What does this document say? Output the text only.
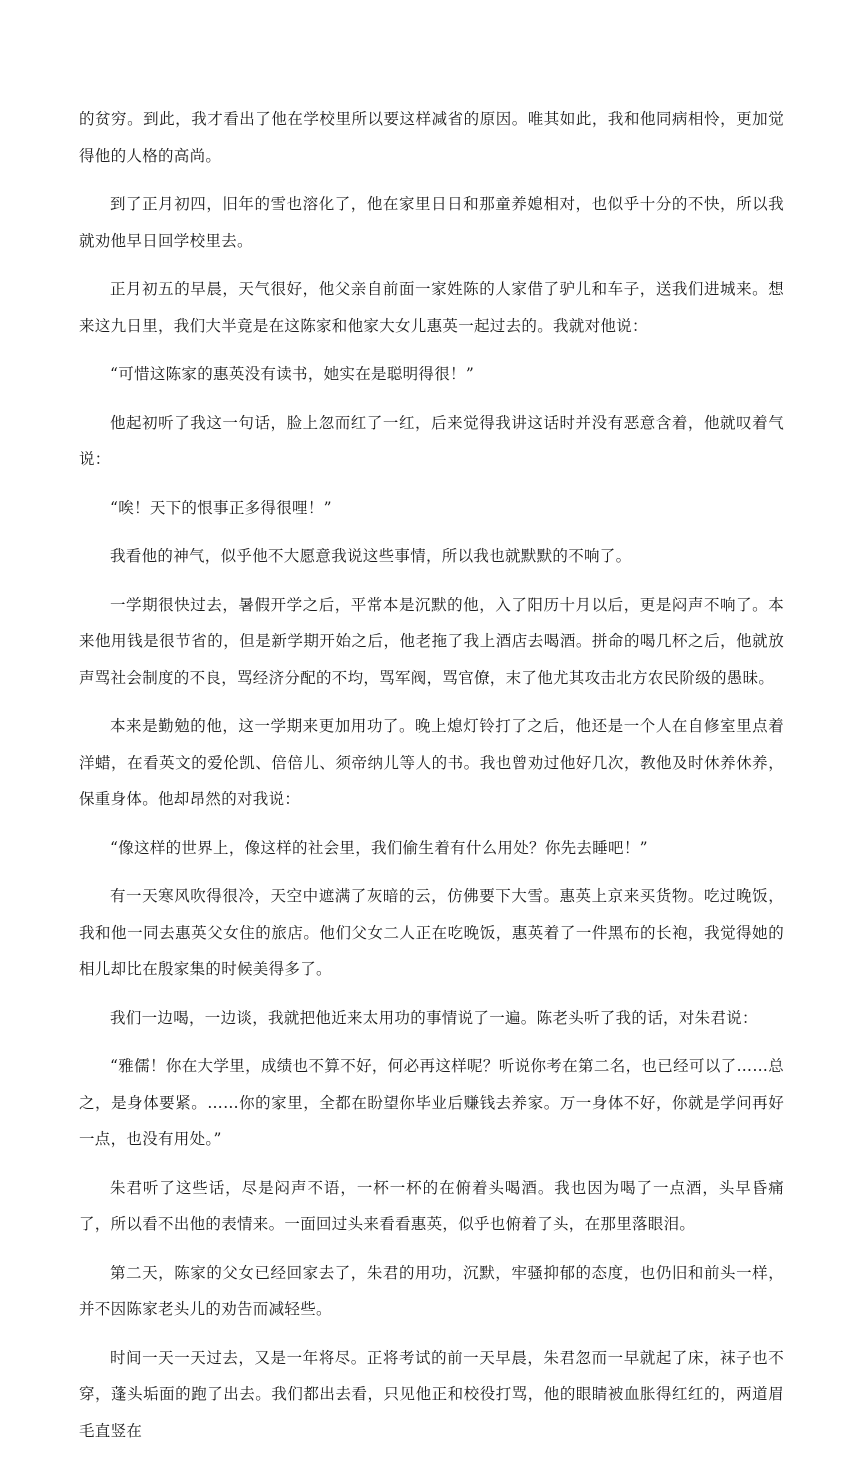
的贫穷。到此，我才看出了他在学校里所以要这样减省的原因。唯其如此，我和他同病相怜，更加觉得他的人格的高尚。

到了正月初四，旧年的雪也溶化了，他在家里日日和那童养媳相对，也似乎十分的不快，所以我就劝他早日回学校里去。

正月初五的早晨，天气很好，他父亲自前面一家姓陈的人家借了驴儿和车子，送我们进城来。想来这九日里，我们大半竟是在这陈家和他家大女儿惠英一起过去的。我就对他说：

“可惜这陈家的惠英没有读书，她实在是聪明得很！”

他起初听了我这一句话，脸上忽而红了一红，后来觉得我讲这话时并没有恶意含着，他就叹着气说：

“唉！天下的恨事正多得很哩！”

我看他的神气，似乎他不大愿意我说这些事情，所以我也就默默的不响了。

一学期很快过去，暑假开学之后，平常本是沉默的他，入了阳历十月以后，更是闷声不响了。本来他用钱是很节省的，但是新学期开始之后，他老拖了我上酒店去喝酒。拼命的喝几杯之后，他就放声骂社会制度的不良，骂经济分配的不均，骂军阀，骂官僚，末了他尤其攻击北方农民阶级的愚昧。

本来是勤勉的他，这一学期来更加用功了。晚上熄灯铃打了之后，他还是一个人在自修室里点着洋蜡，在看英文的爱伦凯、倍倍儿、须帝纳儿等人的书。我也曾劝过他好几次，教他及时休养休养，保重身体。他却昂然的对我说：

“像这样的世界上，像这样的社会里，我们偷生着有什么用处？你先去睡吧！”

有一天寒风吹得很冷，天空中遮满了灰暗的云，仿佛要下大雪。惠英上京来买货物。吃过晚饭，我和他一同去惠英父女住的旅店。他们父女二人正在吃晚饭，惠英着了一件黑布的长袍，我觉得她的相儿却比在殷家集的时候美得多了。

我们一边喝，一边谈，我就把他近来太用功的事情说了一遍。陈老头听了我的话，对朱君说：

“雅儒！你在大学里，成绩也不算不好，何必再这样呢？听说你考在第二名，也已经可以了……总之，是身体要紧。……你的家里，全都在盼望你毕业后赚钱去养家。万一身体不好，你就是学问再好一点，也没有用处。”

朱君听了这些话，尽是闷声不语，一杯一杯的在俯着头喝酒。我也因为喝了一点酒，头早昏痛了，所以看不出他的表情来。一面回过头来看看惠英，似乎也俯着了头，在那里落眼泪。

第二天，陈家的父女已经回家去了，朱君的用功，沉默，牢骚抑郁的态度，也仍旧和前头一样，并不因陈家老头儿的劝告而减轻些。

时间一天一天过去，又是一年将尽。正将考试的前一天早晨，朱君忽而一早就起了床，袜子也不穿，蓬头垢面的跑了出去。我们都出去看，只见他正和校役打骂，他的眼睛被血胀得红红的，两道眉毛直竖在
